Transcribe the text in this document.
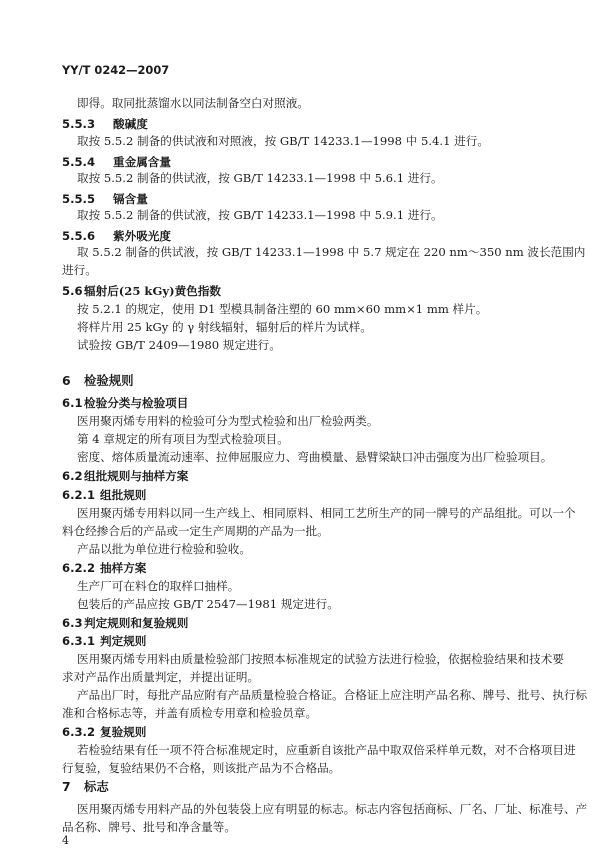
YY/T 0242—2007
即得。取同批蒸馏水以同法制备空白对照液。
5.5.3 酸碱度
取按 5.5.2 制备的供试液和对照液，按 GB/T 14233.1—1998 中 5.4.1 进行。
5.5.4 重金属含量
取按 5.5.2 制备的供试液，按 GB/T 14233.1—1998 中 5.6.1 进行。
5.5.5 镉含量
取按 5.5.2 制备的供试液，按 GB/T 14233.1—1998 中 5.9.1 进行。
5.5.6 紫外吸光度
取 5.5.2 制备的供试液，按 GB/T 14233.1—1998 中 5.7 规定在 220 nm～350 nm 波长范围内
进行。
5.6 辐射后(25 kGy)黄色指数
按 5.2.1 的规定，使用 D1 型模具制备注塑的 60 mm×60 mm×1 mm 样片。
将样片用 25 kGy 的 γ 射线辐射，辐射后的样片为试样。
试验按 GB/T 2409—1980 规定进行。
6 检验规则
6.1 检验分类与检验项目
医用聚丙烯专用料的检验可分为型式检验和出厂检验两类。
第 4 章规定的所有项目为型式检验项目。
密度、熔体质量流动速率、拉伸屈服应力、弯曲模量、悬臂梁缺口冲击强度为出厂检验项目。
6.2 组批规则与抽样方案
6.2.1 组批规则
医用聚丙烯专用料以同一生产线上、相同原料、相同工艺所生产的同一牌号的产品组批。可以一个
料仓经掺合后的产品或一定生产周期的产品为一批。
产品以批为单位进行检验和验收。
6.2.2 抽样方案
生产厂可在料仓的取样口抽样。
包装后的产品应按 GB/T 2547—1981 规定进行。
6.3 判定规则和复验规则
6.3.1 判定规则
医用聚丙烯专用料由质量检验部门按照本标准规定的试验方法进行检验，依据检验结果和技术要
求对产品作出质量判定，并提出证明。
产品出厂时，每批产品应附有产品质量检验合格证。合格证上应注明产品名称、牌号、批号、执行标
准和合格标志等，并盖有质检专用章和检验员章。
6.3.2 复验规则
若检验结果有任一项不符合标准规定时，应重新自该批产品中取双倍采样单元数，对不合格项目进
行复验，复验结果仍不合格，则该批产品为不合格品。
7 标志
医用聚丙烯专用料产品的外包装袋上应有明显的标志。标志内容包括商标、厂名、厂址、标准号、产
品名称、牌号、批号和净含量等。
4
